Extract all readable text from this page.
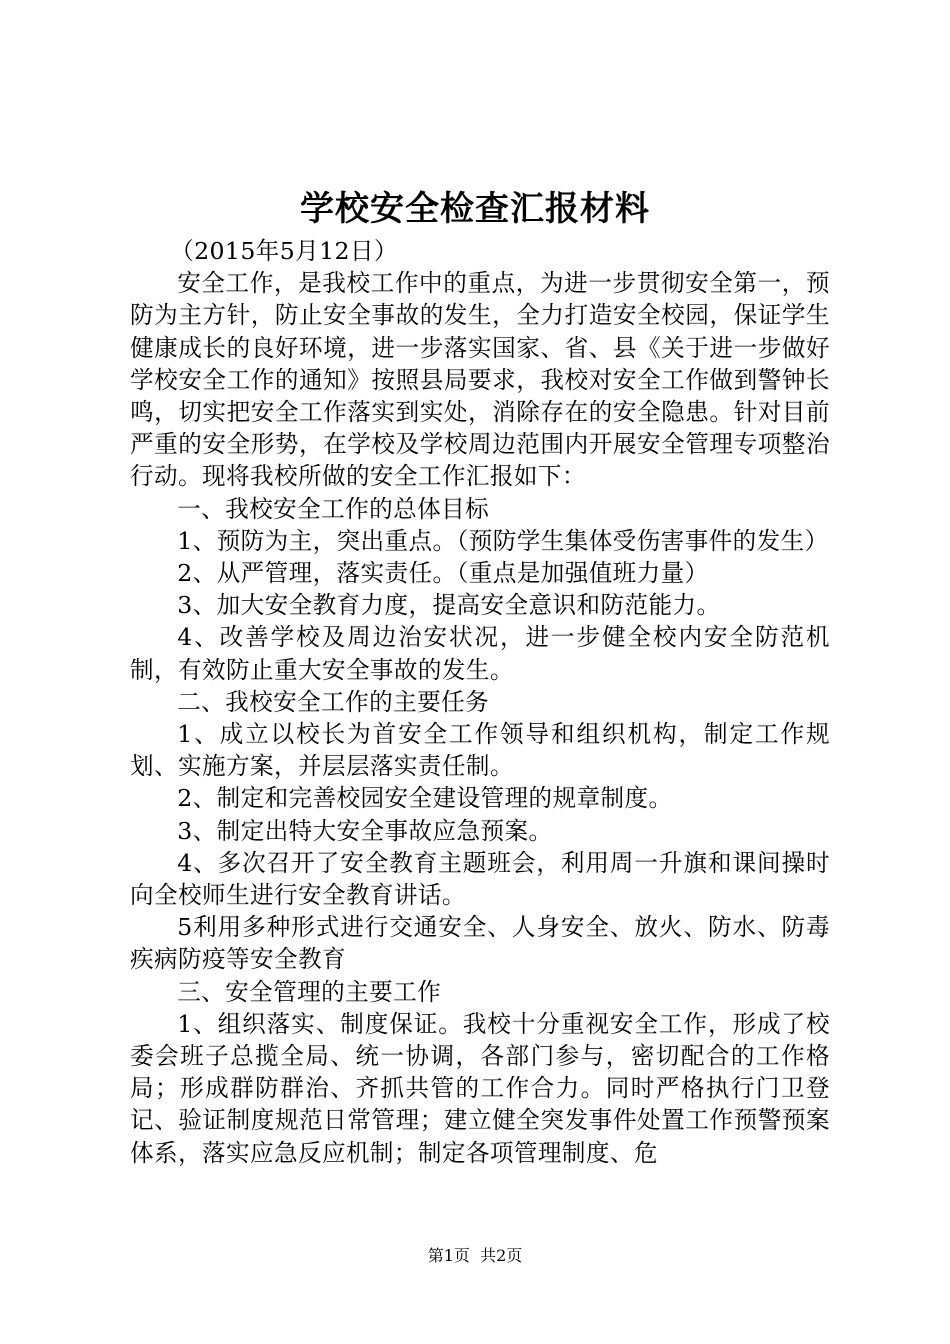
学校安全检查汇报材料

（2015年5月12日）

安全工作，是我校工作中的重点，为进一步贯彻安全第一，预防为主方针，防止安全事故的发生，全力打造安全校园，保证学生健康成长的良好环境，进一步落实国家、省、县《关于进一步做好学校安全工作的通知》按照县局要求，我校对安全工作做到警钟长鸣，切实把安全工作落实到实处，消除存在的安全隐患。针对目前严重的安全形势，在学校及学校周边范围内开展安全管理专项整治行动。现将我校所做的安全工作汇报如下：

一、我校安全工作的总体目标

1、预防为主，突出重点。（预防学生集体受伤害事件的发生）

2、从严管理，落实责任。（重点是加强值班力量）

3、加大安全教育力度，提高安全意识和防范能力。

4、改善学校及周边治安状况，进一步健全校内安全防范机制，有效防止重大安全事故的发生。

二、我校安全工作的主要任务

1、成立以校长为首安全工作领导和组织机构，制定工作规划、实施方案，并层层落实责任制。

2、制定和完善校园安全建设管理的规章制度。

3、制定出特大安全事故应急预案。

4、多次召开了安全教育主题班会，利用周一升旗和课间操时向全校师生进行安全教育讲话。

5利用多种形式进行交通安全、人身安全、放火、防水、防毒疾病防疫等安全教育

三、安全管理的主要工作

1、组织落实、制度保证。我校十分重视安全工作，形成了校委会班子总揽全局、统一协调，各部门参与，密切配合的工作格局；形成群防群治、齐抓共管的工作合力。同时严格执行门卫登记、验证制度规范日常管理；建立健全突发事件处置工作预警预案体系，落实应急反应机制；制定各项管理制度、危

第1页 共2页
